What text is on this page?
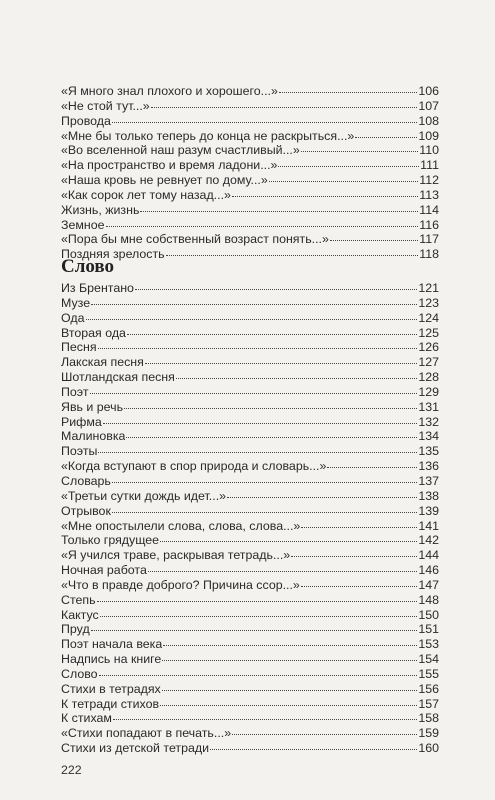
«Я много знал плохого и хорошего...»	106
«Не стой тут...»	107
Провода	108
«Мне бы только теперь до конца не раскрыться...»	109
«Во вселенной наш разум счастливый...»	110
«На пространство и время ладони...»	111
«Наша кровь не ревнует по дому...»	112
«Как сорок лет тому назад...»	113
Жизнь, жизнь	114
Земное	116
«Пора бы мне собственный возраст понять...»	117
Поздняя зрелость	118
Слово
Из Брентано	121
Музе	123
Ода	124
Вторая ода	125
Песня	126
Лакская песня	127
Шотландская песня	128
Поэт	129
Явь и речь	131
Рифма	132
Малиновка	134
Поэты	135
«Когда вступают в спор природа и словарь...»	136
Словарь	137
«Третьи сутки дождь идет...»	138
Отрывок	139
«Мне опостылели слова, слова, слова...»	141
Только грядущее	142
«Я учился траве, раскрывая тетрадь...»	144
Ночная работа	146
«Что в правде доброго? Причина ссор...»	147
Степь	148
Кактус	150
Пруд	151
Поэт начала века	153
Надпись на книге	154
Слово	155
Стихи в тетрадях	156
К тетради стихов	157
К стихам	158
«Стихи попадают в печать...»	159
Стихи из детской тетради	160
222
